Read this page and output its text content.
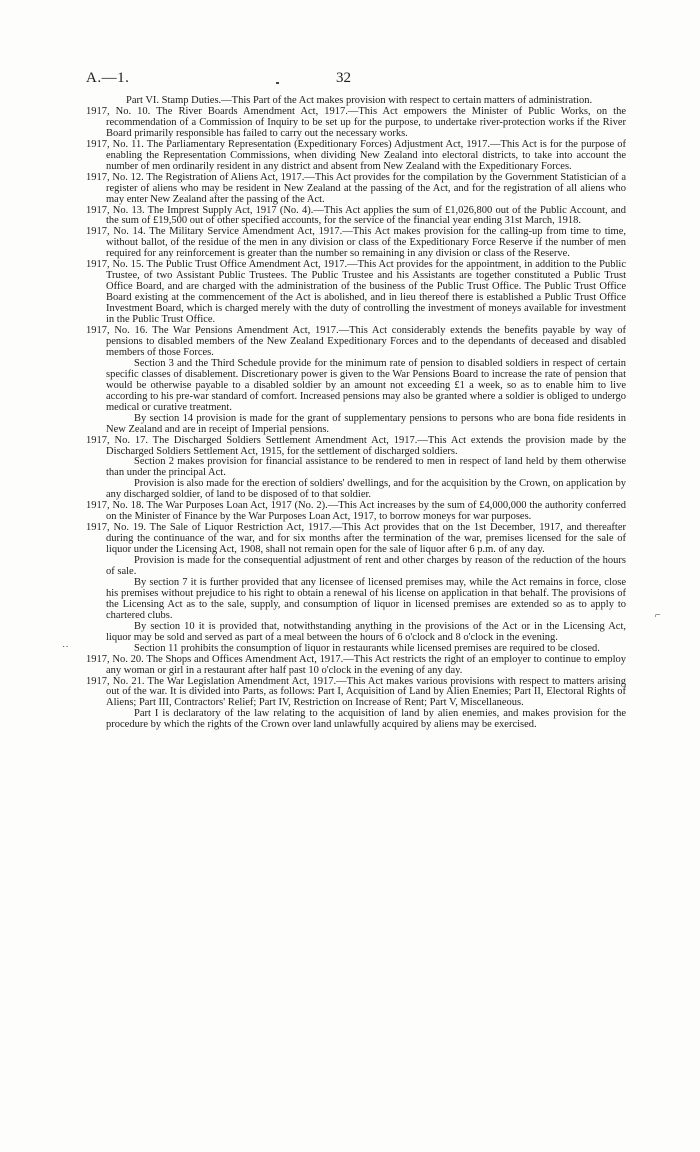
A.—1.	32

Part VI. Stamp Duties.—This Part of the Act makes provision with respect to certain matters of administration.

1917, No. 10. The River Boards Amendment Act, 1917.—This Act empowers the Minister of Public Works, on the recommendation of a Commission of Inquiry to be set up for the purpose, to undertake river-protection works if the River Board primarily responsible has failed to carry out the necessary works.

1917, No. 11. The Parliamentary Representation (Expeditionary Forces) Adjustment Act, 1917.—This Act is for the purpose of enabling the Representation Commissions, when dividing New Zealand into electoral districts, to take into account the number of men ordinarily resident in any district and absent from New Zealand with the Expeditionary Forces.

1917, No. 12. The Registration of Aliens Act, 1917.—This Act provides for the compilation by the Government Statistician of a register of aliens who may be resident in New Zealand at the passing of the Act, and for the registration of all aliens who may enter New Zealand after the passing of the Act.

1917, No. 13. The Imprest Supply Act, 1917 (No. 4).—This Act applies the sum of £1,026,800 out of the Public Account, and the sum of £19,500 out of other specified accounts, for the service of the financial year ending 31st March, 1918.

1917, No. 14. The Military Service Amendment Act, 1917.—This Act makes provision for the calling-up from time to time, without ballot, of the residue of the men in any division or class of the Expeditionary Force Reserve if the number of men required for any reinforcement is greater than the number so remaining in any division or class of the Reserve.

1917, No. 15. The Public Trust Office Amendment Act, 1917.—This Act provides for the appointment, in addition to the Public Trustee, of two Assistant Public Trustees. The Public Trustee and his Assistants are together constituted a Public Trust Office Board, and are charged with the administration of the business of the Public Trust Office. The Public Trust Office Board existing at the commencement of the Act is abolished, and in lieu thereof there is established a Public Trust Office Investment Board, which is charged merely with the duty of controlling the investment of moneys available for investment in the Public Trust Office.

1917, No. 16. The War Pensions Amendment Act, 1917.—This Act considerably extends the benefits payable by way of pensions to disabled members of the New Zealand Expeditionary Forces and to the dependants of deceased and disabled members of those Forces.

Section 3 and the Third Schedule provide for the minimum rate of pension to disabled soldiers in respect of certain specific classes of disablement. Discretionary power is given to the War Pensions Board to increase the rate of pension that would be otherwise payable to a disabled soldier by an amount not exceeding £1 a week, so as to enable him to live according to his pre-war standard of comfort. Increased pensions may also be granted where a soldier is obliged to undergo medical or curative treatment.

By section 14 provision is made for the grant of supplementary pensions to persons who are bona fide residents in New Zealand and are in receipt of Imperial pensions.

1917, No. 17. The Discharged Soldiers Settlement Amendment Act, 1917.—This Act extends the provision made by the Discharged Soldiers Settlement Act, 1915, for the settlement of discharged soldiers.

Section 2 makes provision for financial assistance to be rendered to men in respect of land held by them otherwise than under the principal Act.

Provision is also made for the erection of soldiers' dwellings, and for the acquisition by the Crown, on application by any discharged soldier, of land to be disposed of to that soldier.

1917, No. 18. The War Purposes Loan Act, 1917 (No. 2).—This Act increases by the sum of £4,000,000 the authority conferred on the Minister of Finance by the War Purposes Loan Act, 1917, to borrow moneys for war purposes.

1917, No. 19. The Sale of Liquor Restriction Act, 1917.—This Act provides that on the 1st December, 1917, and thereafter during the continuance of the war, and for six months after the termination of the war, premises licensed for the sale of liquor under the Licensing Act, 1908, shall not remain open for the sale of liquor after 6 p.m. of any day.

Provision is made for the consequential adjustment of rent and other charges by reason of the reduction of the hours of sale.

By section 7 it is further provided that any licensee of licensed premises may, while the Act remains in force, close his premises without prejudice to his right to obtain a renewal of his license on application in that behalf. The provisions of the Licensing Act as to the sale, supply, and consumption of liquor in licensed premises are extended so as to apply to chartered clubs.

By section 10 it is provided that, notwithstanding anything in the provisions of the Act or in the Licensing Act, liquor may be sold and served as part of a meal between the hours of 6 o'clock and 8 o'clock in the evening.

Section 11 prohibits the consumption of liquor in restaurants while licensed premises are required to be closed.

1917, No. 20. The Shops and Offices Amendment Act, 1917.—This Act restricts the right of an employer to continue to employ any woman or girl in a restaurant after half past 10 o'clock in the evening of any day.

1917, No. 21. The War Legislation Amendment Act, 1917.—This Act makes various provisions with respect to matters arising out of the war. It is divided into Parts, as follows: Part I, Acquisition of Land by Alien Enemies; Part II, Electoral Rights of Aliens; Part III, Contractors' Relief; Part IV, Restriction on Increase of Rent; Part V, Miscellaneous.

Part I is declaratory of the law relating to the acquisition of land by alien enemies, and makes provision for the procedure by which the rights of the Crown over land unlawfully acquired by aliens may be exercised.

⌐
˙˙
